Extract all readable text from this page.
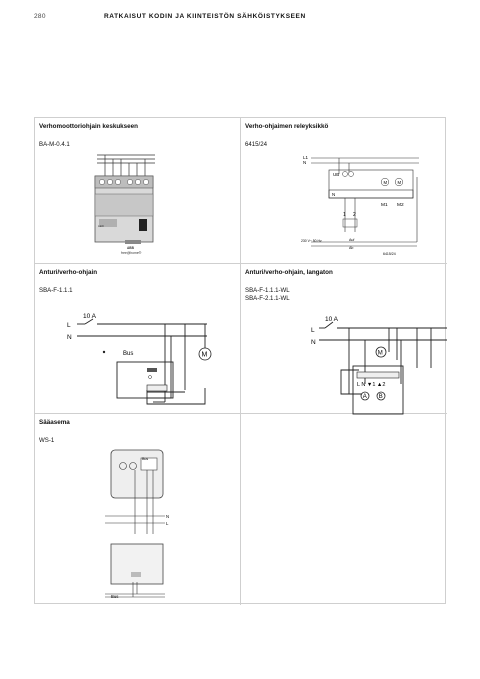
280	RATKAISUT KODIN JA KIINTEISTÖN SÄHKÖISTYKSEEN
Verhomoottoriohjain keskukseen
BA-M-0.4.1
LED
ABB
free@home®
Verho-ohjaimen releyksikkö
6415/24
L1
N
UB
M M
N
M1 M2
1 2
230 V~ 50 Hz	Auf
Ab
6415/24
Anturi/verho-ohjain
SBA-F-1.1.1
10 A
L
N
Bus	M
Anturi/verho-ohjain, langaton
SBA-F-1.1.1-WL
SBA-F-2.1.1-WL
10 A
L
N
M
L N ▼1 ▲2
A B
Sääasema
WS-1
Bus
N
L
Bus
